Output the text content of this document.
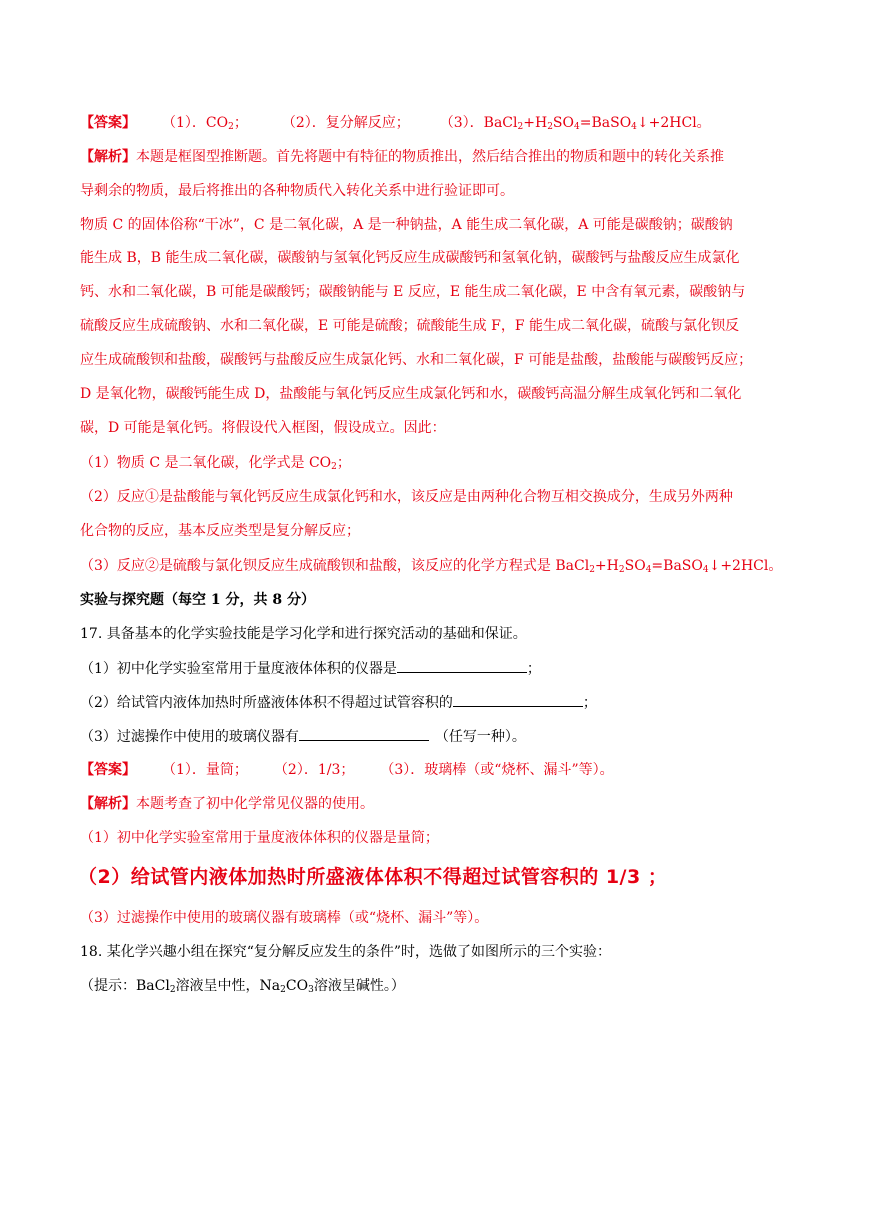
【答案】 （1）．$CO_2$； （2）．复分解反应； （3）．$BaCl_2+H_2SO_4=BaSO_4↓+2HCl$。
【解析】本题是框图型推断题。首先将题中有特征的物质推出，然后结合推出的物质和题中的转化关系推
导剩余的物质，最后将推出的各种物质代入转化关系中进行验证即可。
物质 C 的固体俗称“干冰”，C 是二氧化碳，A 是一种钠盐，A 能生成二氧化碳，A 可能是碳酸钠；碳酸钠
能生成 B，B 能生成二氧化碳，碳酸钠与氢氧化钙反应生成碳酸钙和氢氧化钠，碳酸钙与盐酸反应生成氯化
钙、水和二氧化碳，B 可能是碳酸钙；碳酸钠能与 E 反应，E 能生成二氧化碳，E 中含有氧元素，碳酸钠与
硫酸反应生成硫酸钠、水和二氧化碳，E 可能是硫酸；硫酸能生成 F，F 能生成二氧化碳，硫酸与氯化钡反
应生成硫酸钡和盐酸，碳酸钙与盐酸反应生成氯化钙、水和二氧化碳，F 可能是盐酸，盐酸能与碳酸钙反应；
D 是氧化物，碳酸钙能生成 D，盐酸能与氧化钙反应生成氯化钙和水，碳酸钙高温分解生成氧化钙和二氧化
碳，D 可能是氧化钙。将假设代入框图，假设成立。因此：
（1）物质 C 是二氧化碳，化学式是 $CO_2$；
（2）反应①是盐酸能与氧化钙反应生成氯化钙和水，该反应是由两种化合物互相交换成分，生成另外两种
化合物的反应，基本反应类型是复分解反应；
（3）反应②是硫酸与氯化钡反应生成硫酸钡和盐酸，该反应的化学方程式是 $BaCl_2+H_2SO_4=BaSO_4↓+2HCl$。
实验与探究题（每空 1 分，共 8 分）
17. 具备基本的化学实验技能是学习化学和进行探究活动的基础和保证。
（1）初中化学实验室常用于量度液体体积的仪器是	；
（2）给试管内液体加热时所盛液体体积不得超过试管容积的	；
（3）过滤操作中使用的玻璃仪器有	（任写一种）。
【答案】 （1）．量筒； （2）．1/3； （3）．玻璃棒（或“烧杯、漏斗”等）。
【解析】本题考查了初中化学常见仪器的使用。
（1）初中化学实验室常用于量度液体体积的仪器是量筒；
（2）给试管内液体加热时所盛液体体积不得超过试管容积的 1/3 ；
（3）过滤操作中使用的玻璃仪器有玻璃棒（或“烧杯、漏斗”等）。
18. 某化学兴趣小组在探究“复分解反应发生的条件”时，选做了如图所示的三个实验：
（提示：BaCl$_2$溶液呈中性，$Na_2CO_3$溶液呈碱性。）
